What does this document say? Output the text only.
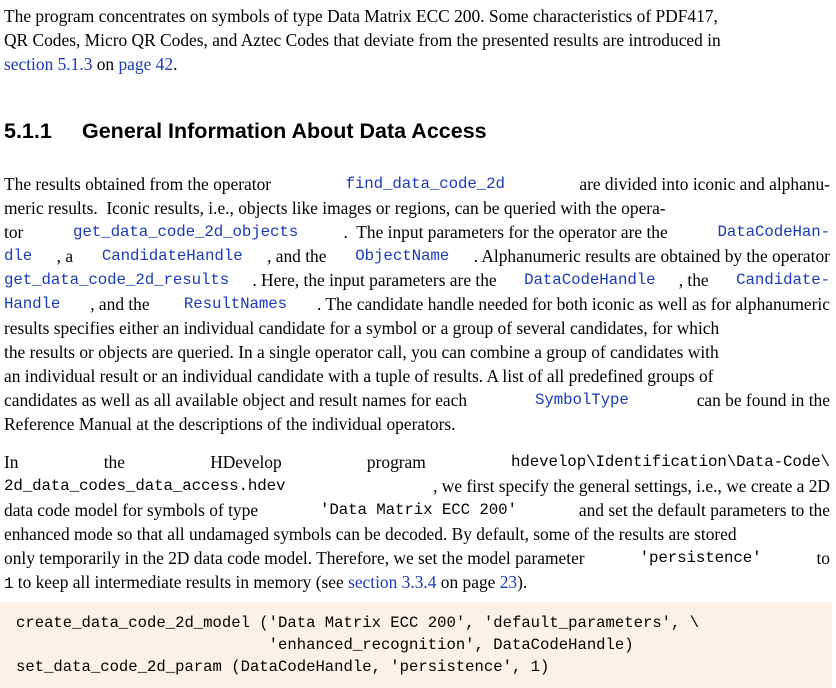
The program concentrates on symbols of type Data Matrix ECC 200. Some characteristics of PDF417,
QR Codes, Micro QR Codes, and Aztec Codes that deviate from the presented results are introduced in
section 5.1.3 on page 42.
5.1.1 General Information About Data Access
The results obtained from the operator	find_data_code_2d	are divided into iconic and alphanu-
meric results.  Iconic results, i.e., objects like images or regions, can be queried with the opera-
tor	get_data_code_2d_objects	.  The input parameters for the operator are the	DataCodeHan-
dle , a CandidateHandle , and the ObjectName . Alphanumeric results are obtained by the operator
get_data_code_2d_results . Here, the input parameters are the DataCodeHandle , the Candidate-
Handle , and the ResultNames . The candidate handle needed for both iconic as well as for alphanumeric
results specifies either an individual candidate for a symbol or a group of several candidates, for which
the results or objects are queried. In a single operator call, you can combine a group of candidates with
an individual result or an individual candidate with a tuple of results. A list of all predefined groups of
candidates as well as all available object and result names for each	SymbolType	can be found in the
Reference Manual at the descriptions of the individual operators.
In	the	HDevelop	program	hdevelop\Identification\Data-Code\
2d_data_codes_data_access.hdev	, we first specify the general settings, i.e., we create a 2D
data code model for symbols of type	'Data Matrix ECC 200'	and set the default parameters to the
enhanced mode so that all undamaged symbols can be decoded. By default, some of the results are stored
only temporarily in the 2D data code model. Therefore, we set the model parameter	'persistence'	to
1 to keep all intermediate results in memory (see section 3.3.4 on page 23).
create_data_code_2d_model ('Data Matrix ECC 200', 'default_parameters', \
'enhanced_recognition', DataCodeHandle)
set_data_code_2d_param (DataCodeHandle, 'persistence', 1)
